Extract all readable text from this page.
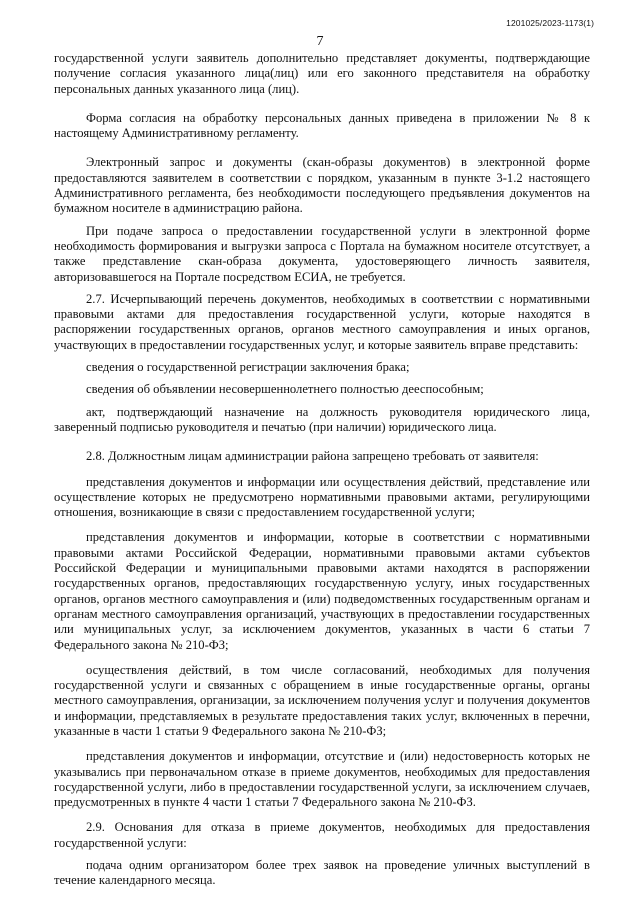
1201025/2023-1173(1)
7

государственной услуги заявитель дополнительно представляет документы, подтверждающие получение согласия указанного лица(лиц) или его законного представителя на обработку персональных данных указанного лица (лиц).

Форма согласия на обработку персональных данных приведена в приложении № 8 к настоящему Административному регламенту.

Электронный запрос и документы (скан-образы документов) в электронной форме предоставляются заявителем в соответствии с порядком, указанным в пункте 3-1.2 настоящего Административного регламента, без необходимости последующего предъявления документов на бумажном носителе в администрацию района.

При подаче запроса о предоставлении государственной услуги в электронной форме необходимость формирования и выгрузки запроса с Портала на бумажном носителе отсутствует, а также представление скан-образа документа, удостоверяющего личность заявителя, авторизовавшегося на Портале посредством ЕСИА, не требуется.

2.7. Исчерпывающий перечень документов, необходимых в соответствии с нормативными правовыми актами для предоставления государственной услуги, которые находятся в распоряжении государственных органов, органов местного самоуправления и иных органов, участвующих в предоставлении государственных услуг, и которые заявитель вправе представить:

сведения о государственной регистрации заключения брака;

сведения об объявлении несовершеннолетнего полностью дееспособным;

акт, подтверждающий назначение на должность руководителя юридического лица, заверенный подписью руководителя и печатью (при наличии) юридического лица.

2.8. Должностным лицам администрации района запрещено требовать от заявителя:

представления документов и информации или осуществления действий, представление или осуществление которых не предусмотрено нормативными правовыми актами, регулирующими отношения, возникающие в связи с предоставлением государственной услуги;

представления документов и информации, которые в соответствии с нормативными правовыми актами Российской Федерации, нормативными правовыми актами субъектов Российской Федерации и муниципальными правовыми актами находятся в распоряжении государственных органов, предоставляющих государственную услугу, иных государственных органов, органов местного самоуправления и (или) подведомственных государственным органам и органам местного самоуправления организаций, участвующих в предоставлении государственных или муниципальных услуг, за исключением документов, указанных в части 6 статьи 7 Федерального закона № 210-ФЗ;

осуществления действий, в том числе согласований, необходимых для получения государственной услуги и связанных с обращением в иные государственные органы, органы местного самоуправления, организации, за исключением получения услуг и получения документов и информации, представляемых в результате предоставления таких услуг, включенных в перечни, указанные в части 1 статьи 9 Федерального закона № 210-ФЗ;

представления документов и информации, отсутствие и (или) недостоверность которых не указывались при первоначальном отказе в приеме документов, необходимых для предоставления государственной услуги, либо в предоставлении государственной услуги, за исключением случаев, предусмотренных в пункте 4 части 1 статьи 7 Федерального закона № 210-ФЗ.

2.9. Основания для отказа в приеме документов, необходимых для предоставления государственной услуги:

подача одним организатором более трех заявок на проведение уличных выступлений в течение календарного месяца.
